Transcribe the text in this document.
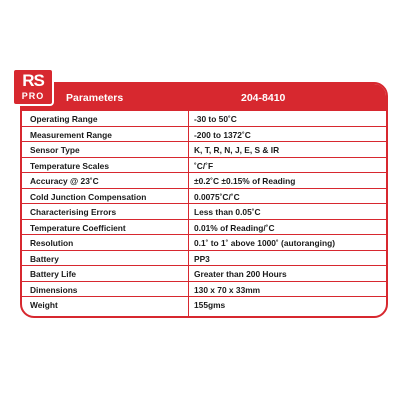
Parameters	204-8410
Operating Range	-30 to 50˚C
Measurement Range	-200 to 1372˚C
Sensor Type	K, T, R, N, J, E, S & IR
Temperature Scales	˚C/˚F
Accuracy @ 23˚C	±0.2˚C ±0.15% of Reading
Cold Junction Compensation	0.0075˚C/˚C
Characterising Errors	Less than 0.05˚C
Temperature Coefficient	0.01% of Reading/˚C
Resolution	0.1˚ to 1˚ above 1000˚ (autoranging)
Battery	PP3
Battery Life	Greater than 200 Hours
Dimensions	130 x 70 x 33mm
Weight	155gms
RS
PRO
